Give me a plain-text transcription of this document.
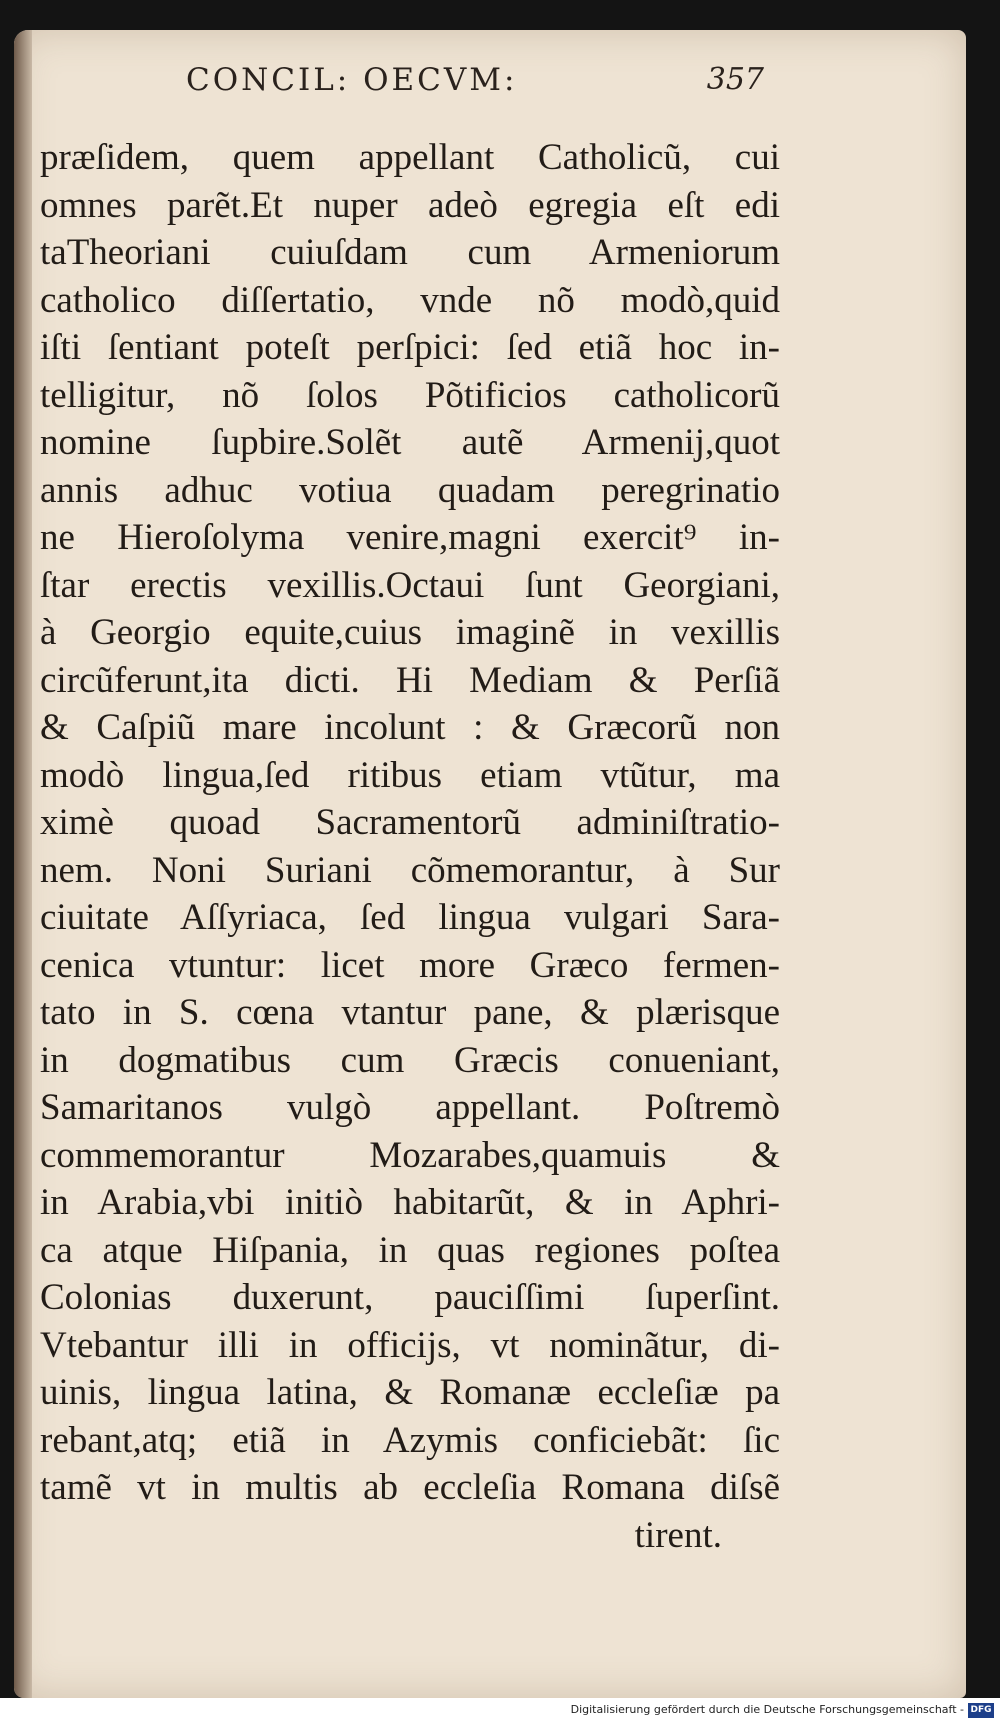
CONCIL: OECVM:	357
præſidem, quem appellant Catholicũ, cui
omnes parẽt.Et nuper adeò egregia eſt edi
taTheoriani cuiuſdam cum Armeniorum
catholico diſſertatio, vnde nõ modò,quid
iſti ſentiant poteſt perſpici: ſed etiã hoc in-
telligitur, nõ ſolos Põtificios catholicorũ
nomine ſupbire.Solẽt autẽ Armenij,quot
annis adhuc votiua quadam peregrinatio
ne Hieroſolyma venire,magni exercit⁹ in-
ſtar erectis vexillis.Octaui ſunt Georgiani,
à Georgio equite,cuius imaginẽ in vexillis
circũferunt,ita dicti. Hi Mediam & Perſiã
& Caſpiũ mare incolunt : & Græcorũ non
modò lingua,ſed ritibus etiam vtũtur, ma
ximè quoad Sacramentorũ adminiſtratio-
nem. Noni Suriani cõmemorantur, à Sur
ciuitate Aſſyriaca, ſed lingua vulgari Sara-
cenica vtuntur: licet more Græco fermen-
tato in S. cœna vtantur pane, & plærisque
in dogmatibus cum Græcis conueniant,
Samaritanos vulgò appellant. Poſtremò
commemorantur Mozarabes,quamuis &
in Arabia,vbi initiò habitarũt, & in Aphri-
ca atque Hiſpania, in quas regiones poſtea
Colonias duxerunt, pauciſſimi ſuperſint.
Vtebantur illi in officijs, vt nominãtur, di-
uinis, lingua latina, & Romanæ eccleſiæ pa
rebant,atq; etiã in Azymis conficiebãt: ſic
tamẽ vt in multis ab eccleſia Romana diſsẽ
tirent.
Digitalisierung gefördert durch die Deutsche Forschungsgemeinschaft - DFG
